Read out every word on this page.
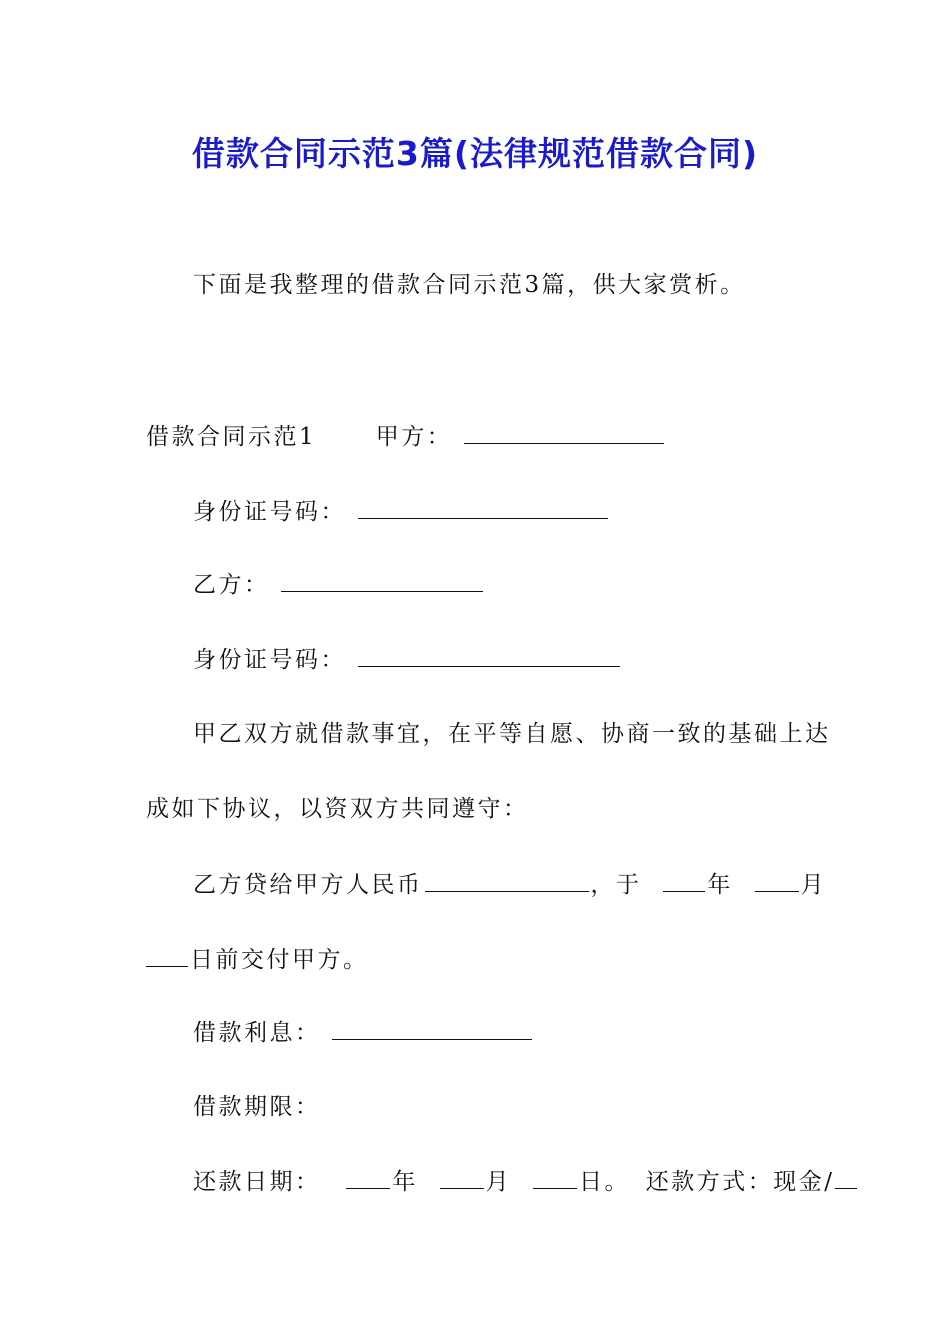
借款合同示范3篇(法律规范借款合同)
下面是我整理的借款合同示范3篇，供大家赏析。
借款合同示范1	甲方：
身份证号码：
乙方：
身份证号码：
甲乙双方就借款事宜，在平等自愿、协商一致的基础上达
成如下协议，以资双方共同遵守：
乙方贷给甲方人民币	，于	年	月
日前交付甲方。
借款利息：
借款期限：
还款日期：	年	月	日。 还款方式：现金/
